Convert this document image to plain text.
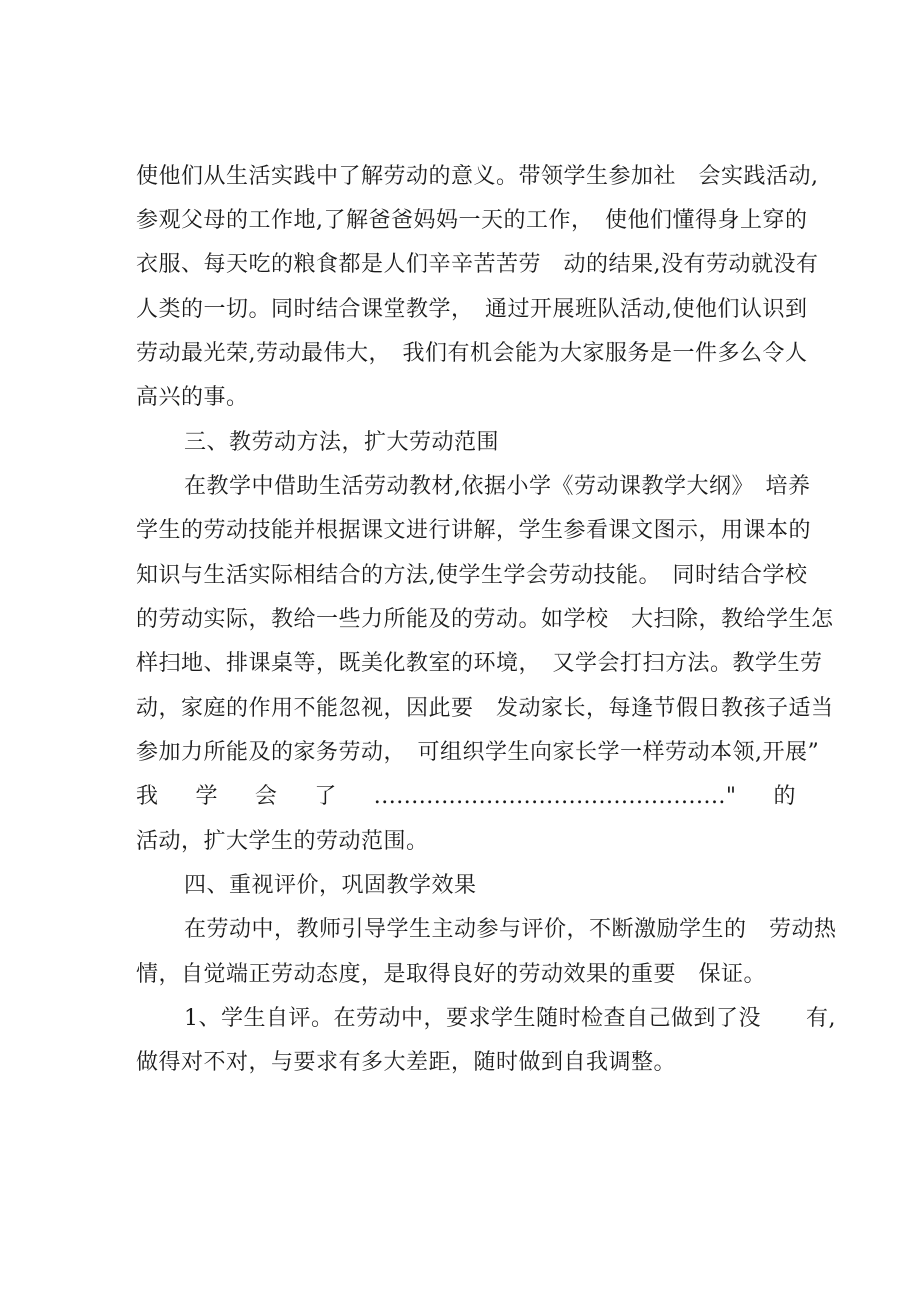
使他们从生活实践中了解劳动的意义。带领学生参加社　会实践活动,
参观父母的工作地,了解爸爸妈妈一天的工作，　使他们懂得身上穿的
衣服、每天吃的粮食都是人们辛辛苦苦劳　动的结果,没有劳动就没有
人类的一切。同时结合课堂教学，　通过开展班队活动,使他们认识到
劳动最光荣,劳动最伟大，　我们有机会能为大家服务是一件多么令人
高兴的事。
三、教劳动方法，扩大劳动范围
在教学中借助生活劳动教材,依据小学《劳动课教学大纲》　培养
学生的劳动技能并根据课文进行讲解，学生参看课文图示，用课本的
知识与生活实际相结合的方法,使学生学会劳动技能。　同时结合学校
的劳动实际，教给一些力所能及的劳动。如学校　大扫除，教给学生怎
样扫地、排课桌等，既美化教室的环境，　又学会打扫方法。教学生劳
动，家庭的作用不能忽视，因此要　发动家长，每逢节假日教孩子适当
参加力所能及的家务劳动，　可组织学生向家长学一样劳动本领,开展”
我学会了..............................................."的
活动，扩大学生的劳动范围。
四、重视评价，巩固教学效果
在劳动中，教师引导学生主动参与评价，不断激励学生的　劳动热
情，自觉端正劳动态度，是取得良好的劳动效果的重要　保证。
1、学生自评。在劳动中，要求学生随时检查自己做到了没　　有,
做得对不对，与要求有多大差距，随时做到自我调整。
